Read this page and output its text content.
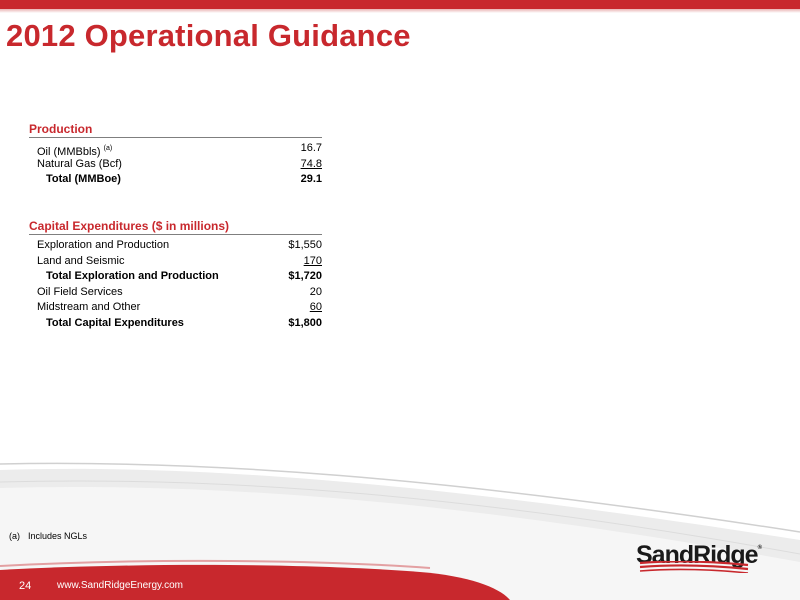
2012 Operational Guidance
Production
Oil (MMBbls) $^{(a)}$	16.7
Natural Gas (Bcf)	74.8
Total (MMBoe)	29.1
Capital Expenditures ($ in millions)
Exploration and Production	$1,550
Land and Seismic	170
Total Exploration and Production	$1,720
Oil Field Services	20
Midstream and Other	60
Total Capital Expenditures	$1,800
(a) Includes NGLs
SandRidge®
24	www.SandRidgeEnergy.com
